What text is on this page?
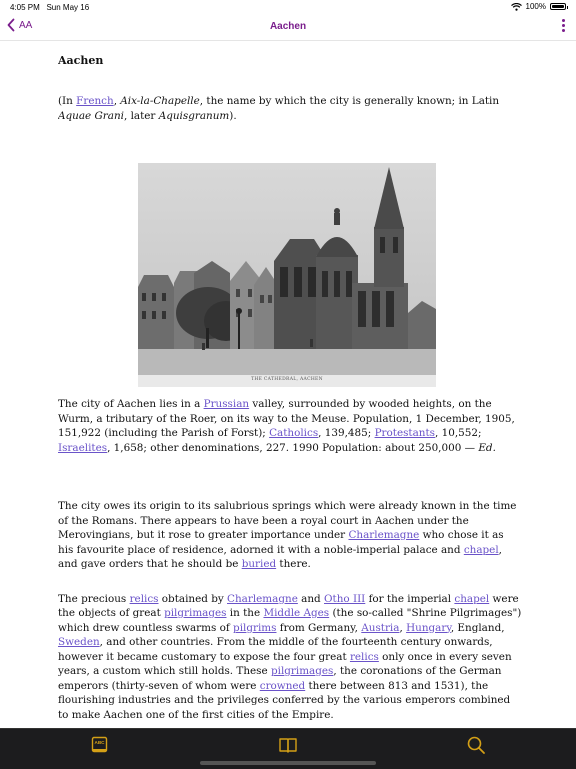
4:05 PM Sun May 16	100%
AA	Aachen
Aachen

(In French, Aix-la-Chapelle, the name by which the city is generally known; in Latin Aquae Grani, later Aquisgranum).

THE CATHEDRAL, AACHEN

The city of Aachen lies in a Prussian valley, surrounded by wooded heights, on the Wurm, a tributary of the Roer, on its way to the Meuse. Population, 1 December, 1905, 151,922 (including the Parish of Forst); Catholics, 139,485; Protestants, 10,552; Israelites, 1,658; other denominations, 227. 1990 Population: about 250,000 — Ed.

The city owes its origin to its salubrious springs which were already known in the time of the Romans. There appears to have been a royal court in Aachen under the Merovingians, but it rose to greater importance under Charlemagne who chose it as his favourite place of residence, adorned it with a noble-imperial palace and chapel, and gave orders that he should be buried there.

The precious relics obtained by Charlemagne and Otho III for the imperial chapel were the objects of great pilgrimages in the Middle Ages (the so-called "Shrine Pilgrimages") which drew countless swarms of pilgrims from Germany, Austria, Hungary, England, Sweden, and other countries. From the middle of the fourteenth century onwards, however it became customary to expose the four great relics only once in every seven years, a custom which still holds. These pilgrimages, the coronations of the German emperors (thirty-seven of whom were crowned there between 813 and 1531), the flourishing industries and the privileges conferred by the various emperors combined to make Aachen one of the first cities of the Empire.

ABC
